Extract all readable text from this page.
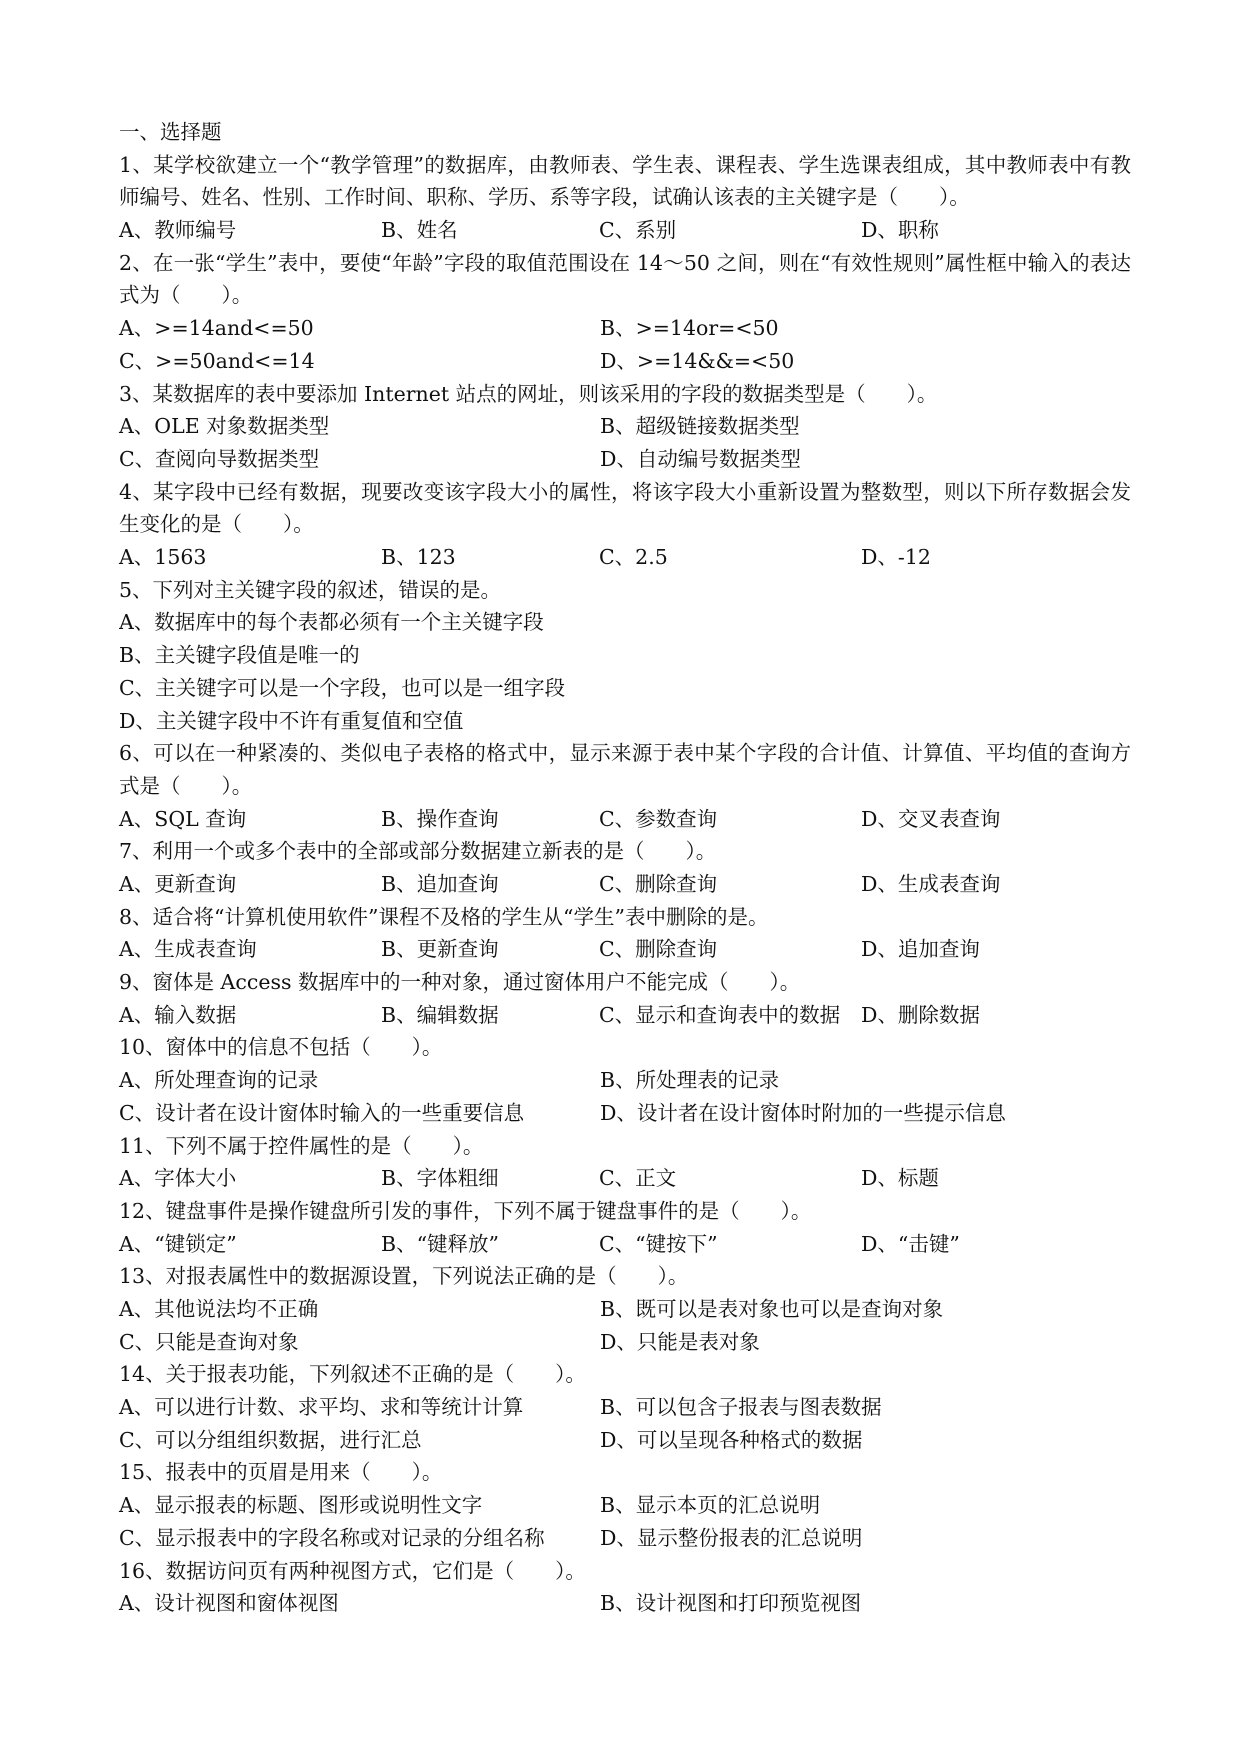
一、选择题
1、某学校欲建立一个“教学管理”的数据库，由教师表、学生表、课程表、学生选课表组成，其中教师表中有教师编号、姓名、性别、工作时间、职称、学历、系等字段，试确认该表的主关键字是（　　）。
A、教师编号	B、姓名	C、系别	D、职称
2、在一张“学生”表中，要使“年龄”字段的取值范围设在 14～50 之间，则在“有效性规则”属性框中输入的表达式为（　　）。
A、>=14and<=50	B、>=14or=<50
C、>=50and<=14	D、>=14&&=<50
3、某数据库的表中要添加 Internet 站点的网址，则该采用的字段的数据类型是（　　）。
A、OLE 对象数据类型	B、超级链接数据类型
C、查阅向导数据类型	D、自动编号数据类型
4、某字段中已经有数据，现要改变该字段大小的属性，将该字段大小重新设置为整数型，则以下所存数据会发生变化的是（　　）。
A、1563	B、123	C、2.5	D、-12
5、下列对主关键字段的叙述，错误的是。
A、数据库中的每个表都必须有一个主关键字段
B、主关键字段值是唯一的
C、主关键字可以是一个字段，也可以是一组字段
D、主关键字段中不许有重复值和空值
6、可以在一种紧凑的、类似电子表格的格式中，显示来源于表中某个字段的合计值、计算值、平均值的查询方式是（　　）。
A、SQL 查询	B、操作查询	C、参数查询	D、交叉表查询
7、利用一个或多个表中的全部或部分数据建立新表的是（　　）。
A、更新查询	B、追加查询	C、删除查询	D、生成表查询
8、适合将“计算机使用软件”课程不及格的学生从“学生”表中删除的是。
A、生成表查询	B、更新查询	C、删除查询	D、追加查询
9、窗体是 Access 数据库中的一种对象，通过窗体用户不能完成（　　）。
A、输入数据	B、编辑数据	C、显示和查询表中的数据	D、删除数据
10、窗体中的信息不包括（　　）。
A、所处理查询的记录	B、所处理表的记录
C、设计者在设计窗体时输入的一些重要信息	D、设计者在设计窗体时附加的一些提示信息
11、下列不属于控件属性的是（　　）。
A、字体大小	B、字体粗细	C、正文	D、标题
12、键盘事件是操作键盘所引发的事件，下列不属于键盘事件的是（　　）。
A、“键锁定”	B、“键释放”	C、“键按下”	D、“击键”
13、对报表属性中的数据源设置，下列说法正确的是（　　）。
A、其他说法均不正确	B、既可以是表对象也可以是查询对象
C、只能是查询对象	D、只能是表对象
14、关于报表功能，下列叙述不正确的是（　　）。
A、可以进行计数、求平均、求和等统计计算	B、可以包含子报表与图表数据
C、可以分组组织数据，进行汇总	D、可以呈现各种格式的数据
15、报表中的页眉是用来（　　）。
A、显示报表的标题、图形或说明性文字	B、显示本页的汇总说明
C、显示报表中的字段名称或对记录的分组名称	D、显示整份报表的汇总说明
16、数据访问页有两种视图方式，它们是（　　）。
A、设计视图和窗体视图	B、设计视图和打印预览视图
